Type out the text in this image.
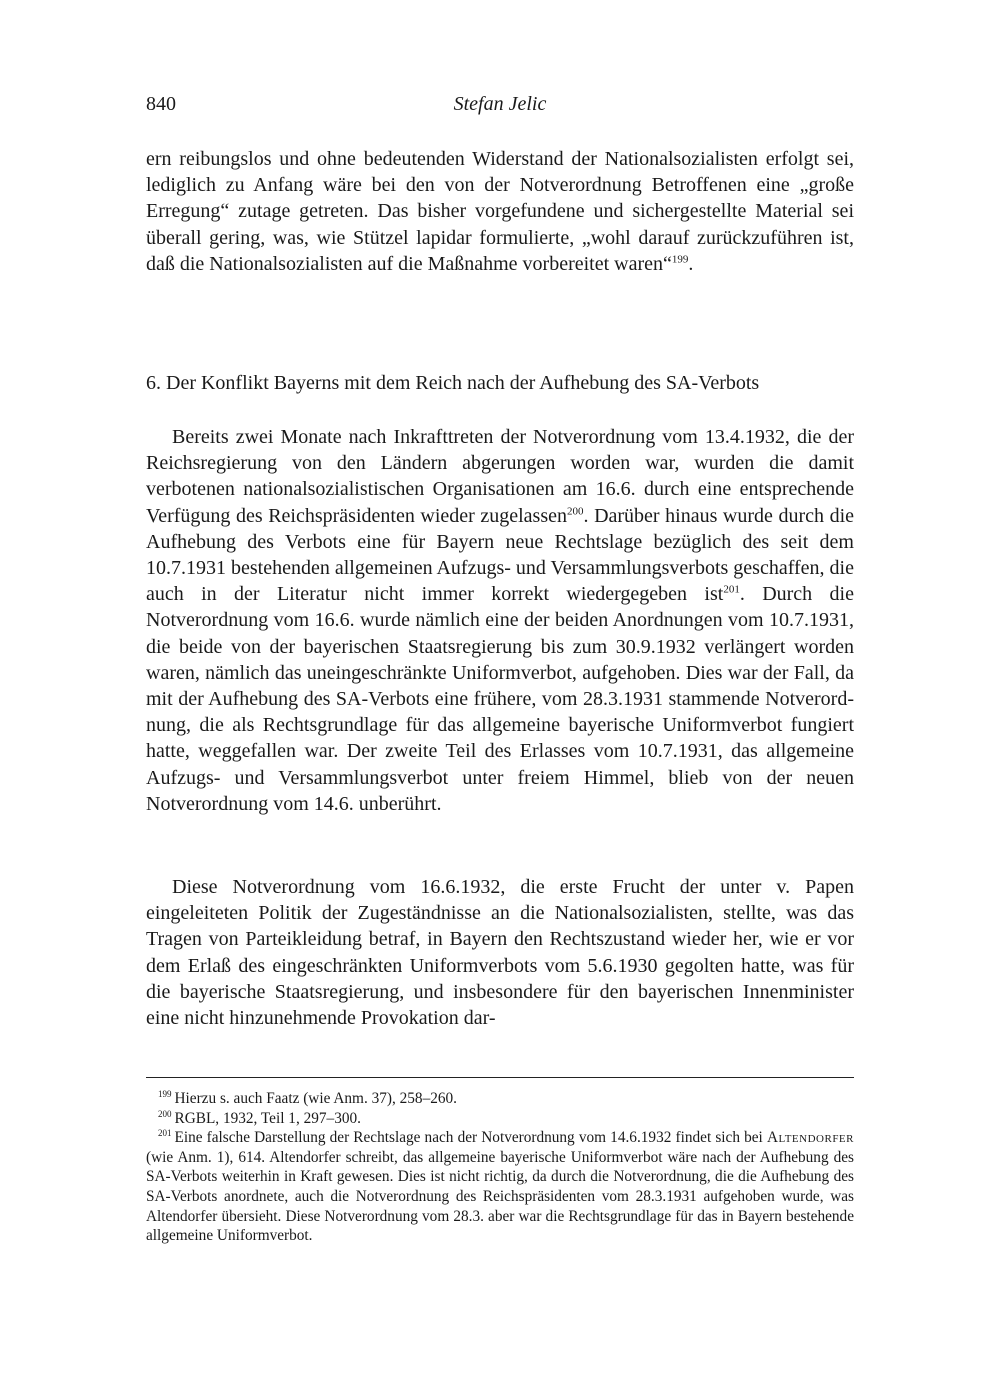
840	Stefan Jelic

ern reibungslos und ohne bedeutenden Widerstand der Nationalsozialisten erfolgt sei, lediglich zu Anfang wäre bei den von der Notverordnung Betroffenen eine „große Erregung“ zutage getreten. Das bisher vorgefundene und sichergestellte Material sei überall gering, was, wie Stützel lapidar formulierte, „wohl darauf zurückzuführen ist, daß die Nationalsozialisten auf die Maßnahme vorbereitet waren“$^{199}$.

6. Der Konflikt Bayerns mit dem Reich nach der Aufhebung des SA-Verbots

Bereits zwei Monate nach Inkrafttreten der Notverordnung vom 13.4.1932, die der Reichsregierung von den Ländern abgerungen worden war, wurden die damit verbotenen nationalsozialistischen Organisationen am 16.6. durch eine entsprechende Verfügung des Reichspräsidenten wieder zugelassen$^{200}$. Darüber hinaus wurde durch die Aufhebung des Verbots eine für Bayern neue Rechtslage bezüglich des seit dem 10.7.1931 bestehenden allgemeinen Aufzugs- und Versammlungsverbots geschaffen, die auch in der Literatur nicht immer korrekt wiedergegeben ist$^{201}$. Durch die Notverordnung vom 16.6. wurde nämlich eine der beiden Anordnungen vom 10.7.1931, die beide von der bayerischen Staatsregierung bis zum 30.9.1932 verlängert worden waren, nämlich das uneingeschränkte Uniformverbot, aufgehoben. Dies war der Fall, da mit der Aufhebung des SA-Verbots eine frühere, vom 28.3.1931 stammende Notverordnung, die als Rechtsgrundlage für das allgemeine bayerische Uniformverbot fungiert hatte, weggefallen war. Der zweite Teil des Erlasses vom 10.7.1931, das allgemeine Aufzugs- und Versammlungsverbot unter freiem Himmel, blieb von der neuen Notverordnung vom 14.6. unberührt.

Diese Notverordnung vom 16.6.1932, die erste Frucht der unter v. Papen eingeleiteten Politik der Zugeständnisse an die Nationalsozialisten, stellte, was das Tragen von Parteikleidung betraf, in Bayern den Rechtszustand wieder her, wie er vor dem Erlaß des eingeschränkten Uniformverbots vom 5.6.1930 gegolten hatte, was für die bayerische Staatsregierung, und insbesondere für den bayerischen Innenminister eine nicht hinzunehmende Provokation dar-

$^{199}$ Hierzu s. auch Faatz (wie Anm. 37), 258–260.

$^{200}$ RGBL, 1932, Teil 1, 297–300.

$^{201}$ Eine falsche Darstellung der Rechtslage nach der Notverordnung vom 14.6.1932 findet sich bei Altendorfer (wie Anm. 1), 614. Altendorfer schreibt, das allgemeine bayerische Uniformverbot wäre nach der Aufhebung des SA-Verbots weiterhin in Kraft gewesen. Dies ist nicht richtig, da durch die Notverordnung, die die Aufhebung des SA-Verbots anordnete, auch die Notverordnung des Reichspräsidenten vom 28.3.1931 aufgehoben wurde, was Altendorfer übersieht. Diese Notverordnung vom 28.3. aber war die Rechtsgrundlage für das in Bayern bestehende allgemeine Uniformverbot.
